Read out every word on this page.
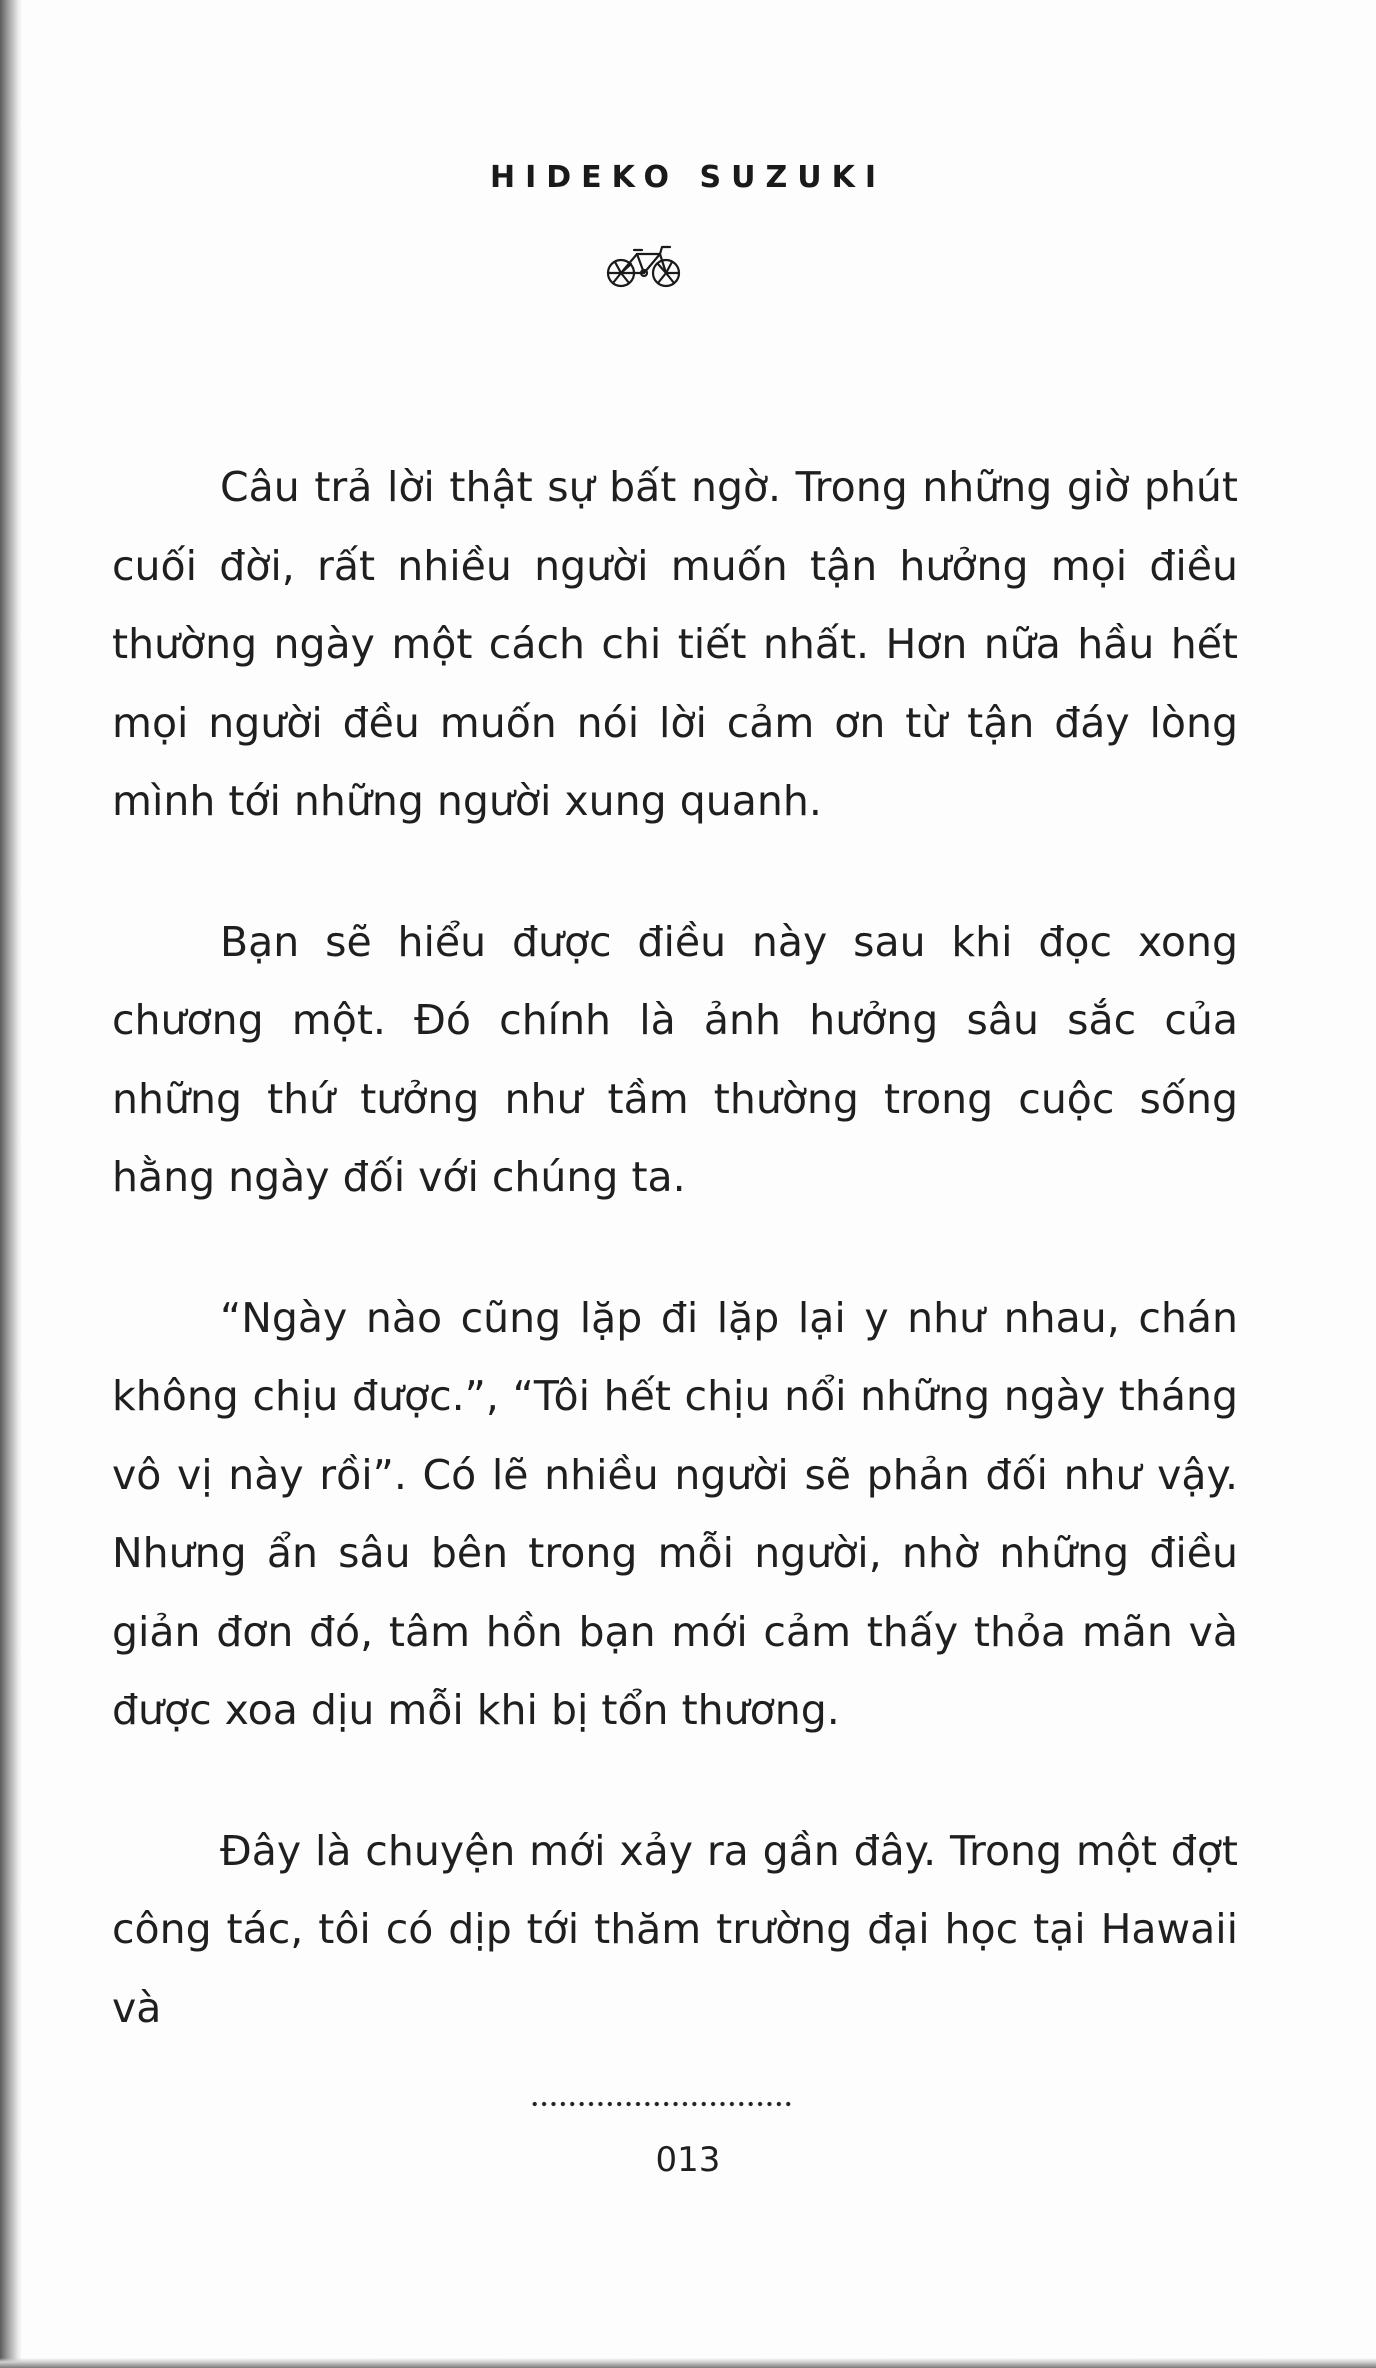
HIDEKO SUZUKI

Câu trả lời thật sự bất ngờ. Trong những giờ phút cuối đời, rất nhiều người muốn tận hưởng mọi điều thường ngày một cách chi tiết nhất. Hơn nữa hầu hết mọi người đều muốn nói lời cảm ơn từ tận đáy lòng mình tới những người xung quanh.

Bạn sẽ hiểu được điều này sau khi đọc xong chương một. Đó chính là ảnh hưởng sâu sắc của những thứ tưởng như tầm thường trong cuộc sống hằng ngày đối với chúng ta.

“Ngày nào cũng lặp đi lặp lại y như nhau, chán không chịu được.”, “Tôi hết chịu nổi những ngày tháng vô vị này rồi”. Có lẽ nhiều người sẽ phản đối như vậy. Nhưng ẩn sâu bên trong mỗi người, nhờ những điều giản đơn đó, tâm hồn bạn mới cảm thấy thỏa mãn và được xoa dịu mỗi khi bị tổn thương.

Đây là chuyện mới xảy ra gần đây. Trong một đợt công tác, tôi có dịp tới thăm trường đại học tại Hawaii và

013
